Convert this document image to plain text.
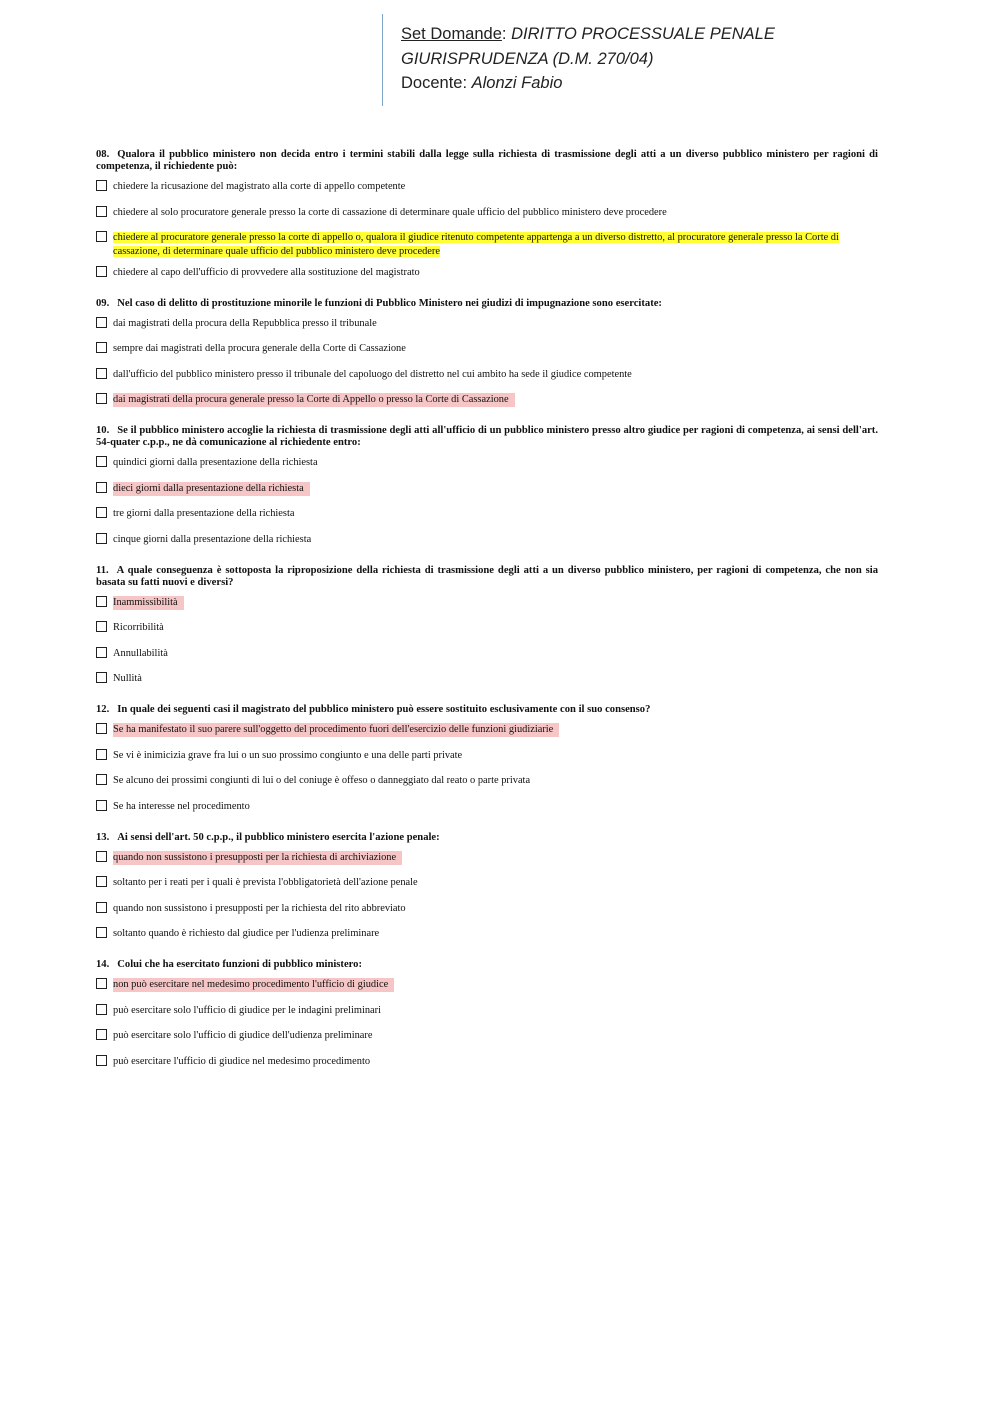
Set Domande: DIRITTO PROCESSUALE PENALE
GIURISPRUDENZA (D.M. 270/04)
Docente: Alonzi Fabio
08. Qualora il pubblico ministero non decida entro i termini stabili dalla legge sulla richiesta di trasmissione degli atti a un diverso pubblico ministero per ragioni di competenza, il richiedente può:
chiedere la ricusazione del magistrato alla corte di appello competente
chiedere al solo procuratore generale presso la corte di cassazione di determinare quale ufficio del pubblico ministero deve procedere
chiedere al procuratore generale presso la corte di appello o, qualora il giudice ritenuto competente appartenga a un diverso distretto, al procuratore generale presso la Corte di cassazione, di determinare quale ufficio del pubblico ministero deve procedere
chiedere al capo dell'ufficio di provvedere alla sostituzione del magistrato
09. Nel caso di delitto di prostituzione minorile le funzioni di Pubblico Ministero nei giudizi di impugnazione sono esercitate:
dai magistrati della procura della Repubblica presso il tribunale
sempre dai magistrati della procura generale della Corte di Cassazione
dall'ufficio del pubblico ministero presso il tribunale del capoluogo del distretto nel cui ambito ha sede il giudice competente
dai magistrati della procura generale presso la Corte di Appello o presso la Corte di Cassazione
10. Se il pubblico ministero accoglie la richiesta di trasmissione degli atti all'ufficio di un pubblico ministero presso altro giudice per ragioni di competenza, ai sensi dell'art. 54-quater c.p.p., ne dà comunicazione al richiedente entro:
quindici giorni dalla presentazione della richiesta
dieci giorni dalla presentazione della richiesta
tre giorni dalla presentazione della richiesta
cinque giorni dalla presentazione della richiesta
11. A quale conseguenza è sottoposta la riproposizione della richiesta di trasmissione degli atti a un diverso pubblico ministero, per ragioni di competenza, che non sia basata su fatti nuovi e diversi?
Inammissibilità
Ricorribilità
Annullabilità
Nullità
12. In quale dei seguenti casi il magistrato del pubblico ministero può essere sostituito esclusivamente con il suo consenso?
Se ha manifestato il suo parere sull'oggetto del procedimento fuori dell'esercizio delle funzioni giudiziarie
Se vi è inimicizia grave fra lui o un suo prossimo congiunto e una delle parti private
Se alcuno dei prossimi congiunti di lui o del coniuge è offeso o danneggiato dal reato o parte privata
Se ha interesse nel procedimento
13. Ai sensi dell'art. 50 c.p.p., il pubblico ministero esercita l'azione penale:
quando non sussistono i presupposti per la richiesta di archiviazione
soltanto per i reati per i quali è prevista l'obbligatorietà dell'azione penale
quando non sussistono i presupposti per la richiesta del rito abbreviato
soltanto quando è richiesto dal giudice per l'udienza preliminare
14. Colui che ha esercitato funzioni di pubblico ministero:
non può esercitare nel medesimo procedimento l'ufficio di giudice
può esercitare solo l'ufficio di giudice per le indagini preliminari
può esercitare solo l'ufficio di giudice dell'udienza preliminare
può esercitare l'ufficio di giudice nel medesimo procedimento
